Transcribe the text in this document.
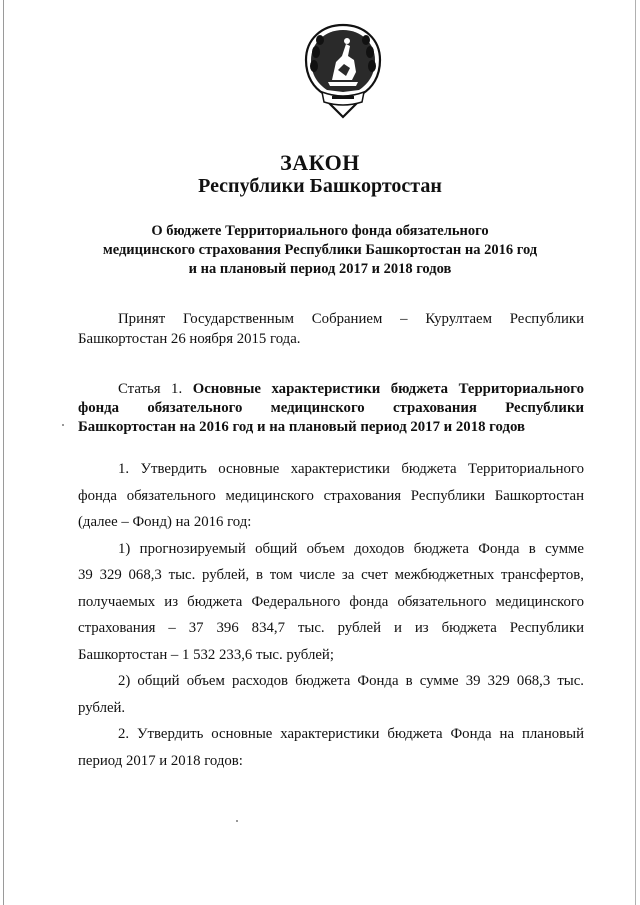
ЗАКОН
Республики Башкортостан
О бюджете Территориального фонда обязательного
медицинского страхования Республики Башкортостан на 2016 год
и на плановый период 2017 и 2018 годов
Принят Государственным Собранием – Курултаем Республики
Башкортостан 26 ноября 2015 года.
Статья 1. Основные характеристики бюджета Территориального
фонда обязательного медицинского страхования Республики
Башкортостан на 2016 год и на плановый период 2017 и 2018 годов
1. Утвердить основные характеристики бюджета Территориального
фонда обязательного медицинского страхования Республики Башкортостан
(далее – Фонд) на 2016 год:
1) прогнозируемый общий объем доходов бюджета Фонда в сумме
39 329 068,3 тыс. рублей, в том числе за счет межбюджетных трансфертов,
получаемых из бюджета Федерального фонда обязательного медицинского
страхования – 37 396 834,7 тыс. рублей и из бюджета Республики
Башкортостан – 1 532 233,6 тыс. рублей;
2) общий объем расходов бюджета Фонда в сумме 39 329 068,3 тыс.
рублей.
2. Утвердить основные характеристики бюджета Фонда на плановый
период 2017 и 2018 годов:
